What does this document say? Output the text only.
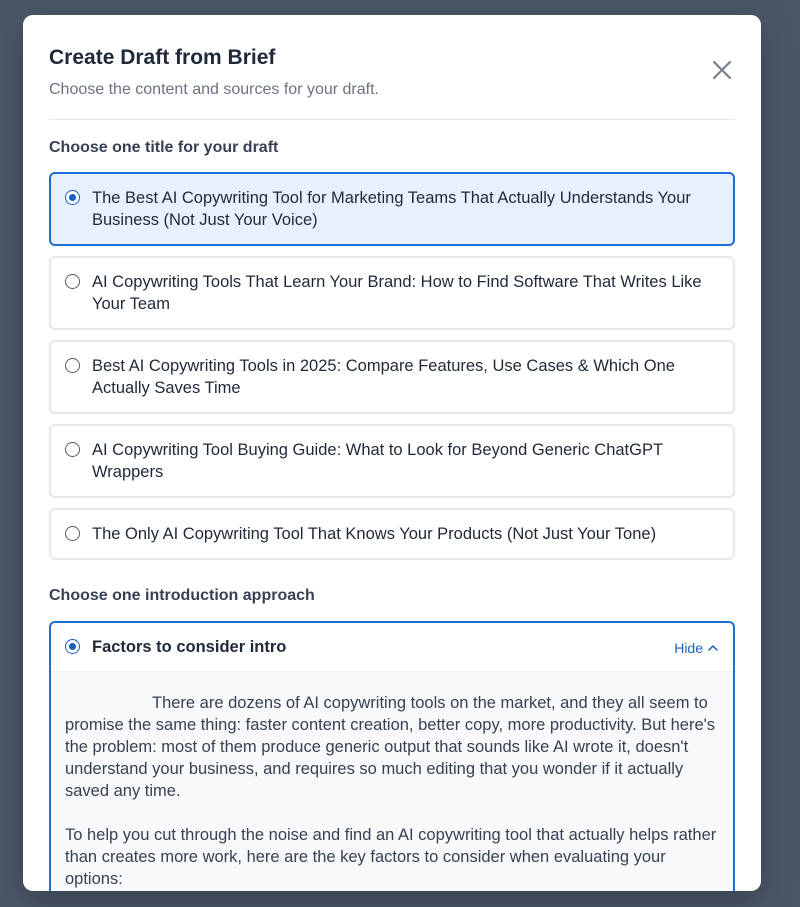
Create Draft from Brief
Choose the content and sources for your draft.
Choose one title for your draft
The Best AI Copywriting Tool for Marketing Teams That Actually Understands Your Business (Not Just Your Voice)
AI Copywriting Tools That Learn Your Brand: How to Find Software That Writes Like Your Team
Best AI Copywriting Tools in 2025: Compare Features, Use Cases & Which One Actually Saves Time
AI Copywriting Tool Buying Guide: What to Look for Beyond Generic ChatGPT Wrappers
The Only AI Copywriting Tool That Knows Your Products (Not Just Your Tone)
Choose one introduction approach
Factors to consider intro	Hide

There are dozens of AI copywriting tools on the market, and they all seem to promise the same thing: faster content creation, better copy, more productivity. But here's the problem: most of them produce generic output that sounds like AI wrote it, doesn't understand your business, and requires so much editing that you wonder if it actually saved any time.

To help you cut through the noise and find an AI copywriting tool that actually helps rather than creates more work, here are the key factors to consider when evaluating your options:
